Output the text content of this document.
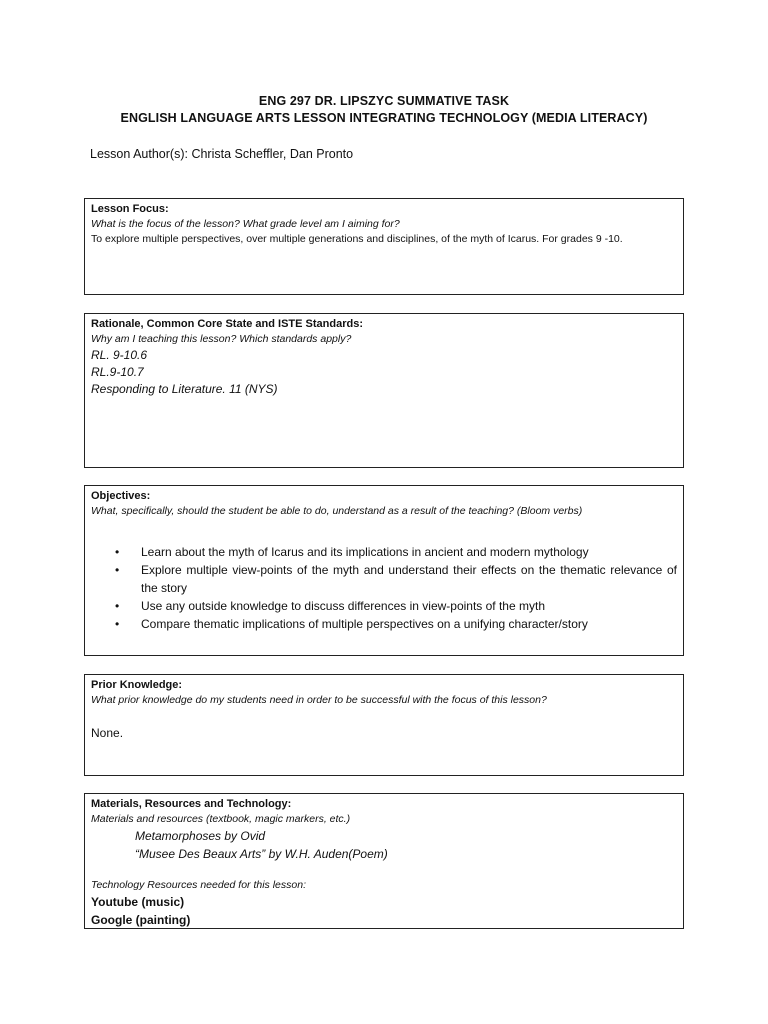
ENG 297 DR. LIPSZYC SUMMATIVE TASK
ENGLISH LANGUAGE ARTS LESSON INTEGRATING TECHNOLOGY (MEDIA LITERACY)
Lesson Author(s): Christa Scheffler, Dan Pronto
Lesson Focus:
What is the focus of the lesson? What grade level am I aiming for?
To explore multiple perspectives, over multiple generations and disciplines, of the myth of Icarus. For grades 9 -10.
Rationale, Common Core State and ISTE Standards:
Why am I teaching this lesson? Which standards apply?
RL. 9-10.6
RL.9-10.7
Responding to Literature. 11 (NYS)
Objectives:
What, specifically, should the student be able to do, understand as a result of the teaching? (Bloom verbs)
• Learn about the myth of Icarus and its implications in ancient and modern mythology
• Explore multiple view-points of the myth and understand their effects on the thematic relevance of the story
• Use any outside knowledge to discuss differences in view-points of the myth
• Compare thematic implications of multiple perspectives on a unifying character/story
Prior Knowledge:
What prior knowledge do my students need in order to be successful with the focus of this lesson?
None.
Materials, Resources and Technology:
Materials and resources (textbook, magic markers, etc.)
Metamorphoses by Ovid
“Musee Des Beaux Arts” by W.H. Auden(Poem)
Technology Resources needed for this lesson:
Youtube (music)
Google (painting)
